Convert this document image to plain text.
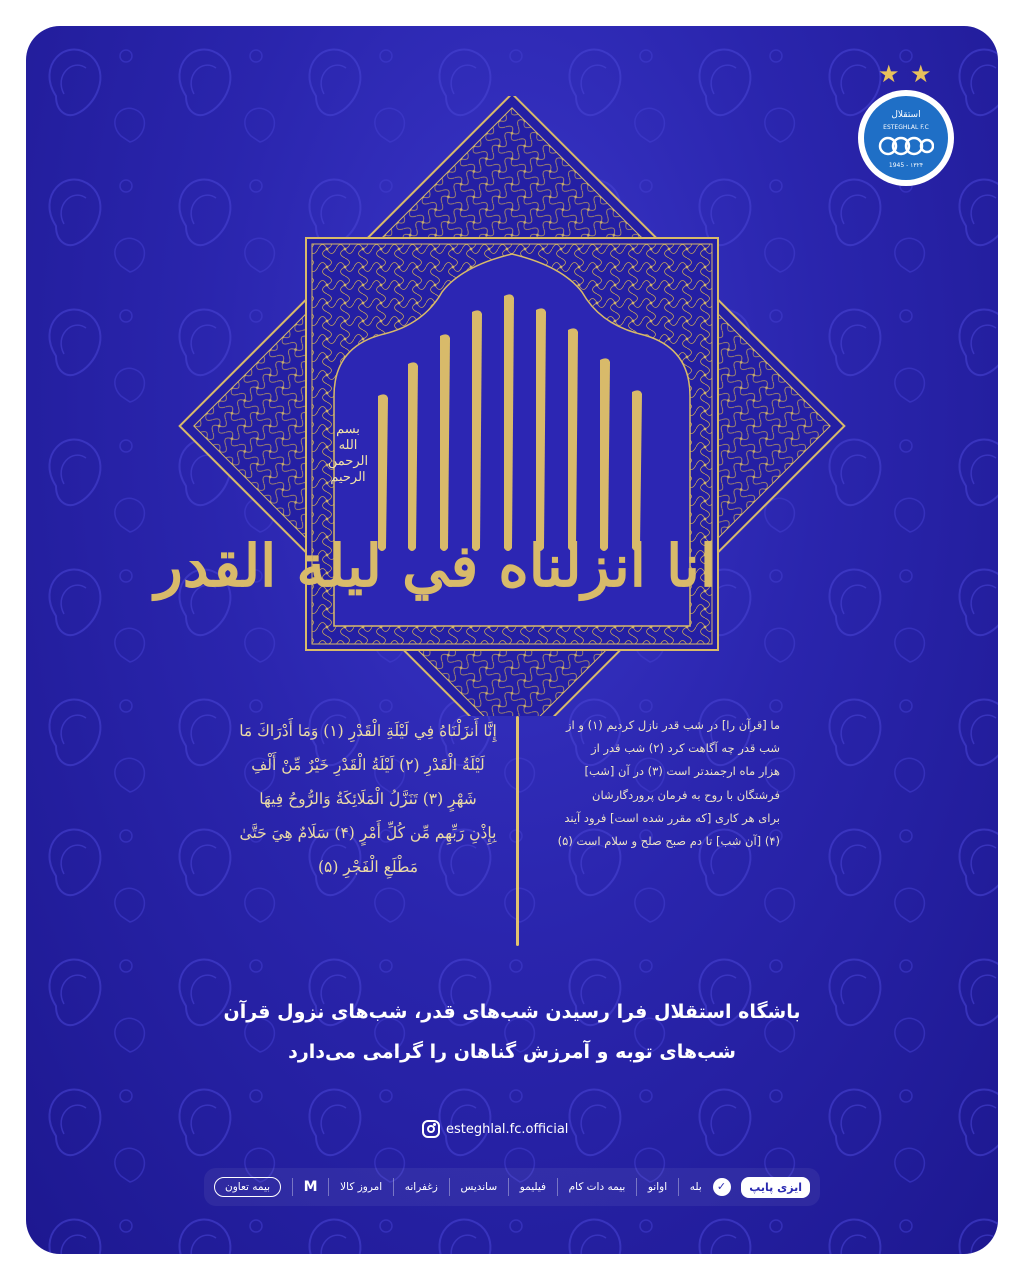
★ ★
استقلال
ESTEGHLAL F.C
1945 - ۱۳۲۴
بسم
الله
الرحمن
الرحیم
انا انزلناه في ليلة القدر
إِنَّا أَنزَلْنَاهُ فِي لَيْلَةِ الْقَدْرِ (۱) وَمَا أَدْرَاكَ مَا
لَيْلَةُ الْقَدْرِ (۲) لَيْلَةُ الْقَدْرِ خَيْرٌ مِّنْ أَلْفِ
شَهْرٍ (۳) تَنَزَّلُ الْمَلَائِكَةُ وَالرُّوحُ فِيهَا
بِإِذْنِ رَبِّهِم مِّن كُلِّ أَمْرٍ (۴) سَلَامٌ هِيَ حَتَّىٰ
مَطْلَعِ الْفَجْرِ (۵)
ما [قرآن را] در شب قدر نازل کردیم (۱) و از
شب قدر چه آگاهت کرد (۲) شب قدر از
هزار ماه ارجمندتر است (۳) در آن [شب]
فرشتگان با روح به فرمان پروردگارشان
برای هر کاری [که مقرر شده است] فرود آیند
(۴) [آن شب] تا دم صبح صلح و سلام است (۵)
باشگاه استقلال فرا رسیدن شب‌های قدر، شب‌های نزول قرآن
شب‌های توبه و آمرزش گناهان را گرامی می‌دارد
esteghlal.fc.official
ایزی پایپ
✓
بله
اوانو
بیمه دات کام
فیلیمو
ساندیس
زغفرانه
امروز کالا
M
بیمه تعاون
